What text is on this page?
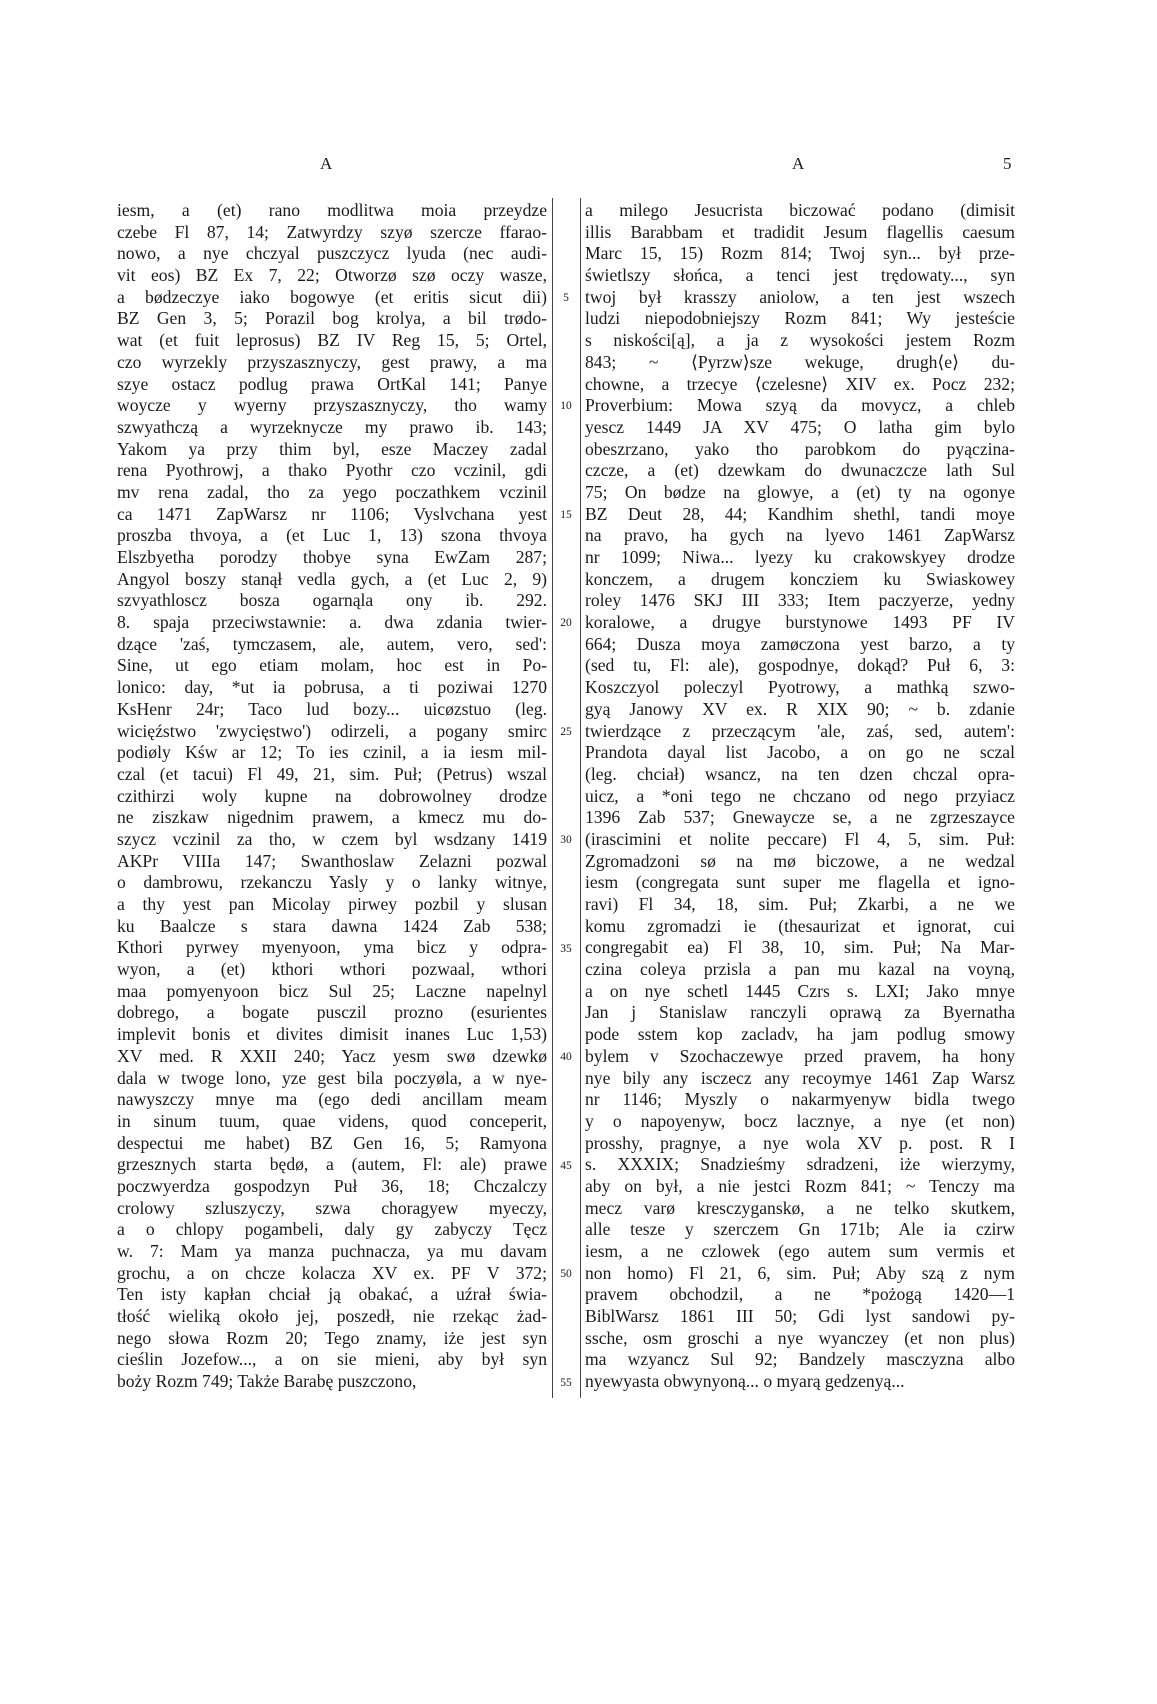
A	A	5
iesm, a (et) rano modlitwa moia przeydze
czebe Fl 87, 14; Zatwyrdzy szyø szercze ffarao-
nowo, a nye chczyal puszczycz lyuda (nec audi-
vit eos) BZ Ex 7, 22; Otworzø szø oczy wasze,
a bødzeczye iako bogowye (et eritis sicut dii)
BZ Gen 3, 5; Porazil bog krolya, a bil trødo-
wat (et fuit leprosus) BZ IV Reg 15, 5; Ortel,
czo wyrzekly przyszasznyczy, gest prawy, a ma
szye ostacz podlug prawa OrtKal 141; Panye
woycze y wyerny przyszasznyczy, tho wamy
szwyathczą a wyrzeknycze my prawo ib. 143;
Yakom ya przy thim byl, esze Maczey zadal
rena Pyothrowj, a thako Pyothr czo vczinil, gdi
mv rena zadal, tho za yego poczathkem vczinil
ca 1471 ZapWarsz nr 1106; Vyslvchana yest
proszba thvoya, a (et Luc 1, 13) szona thvoya
Elszbyetha porodzy thobye syna EwZam 287;
Angyol boszy stanął vedla gych, a (et Luc 2, 9)
szvyathloscz bosza ogarnąla ony ib. 292.
8. spaja przeciwstawnie: a. dwa zdania twier-
dzące 'zaś, tymczasem, ale, autem, vero, sed':
Sine, ut ego etiam molam, hoc est in Po-
lonico: day, *ut ia pobrusa, a ti poziwai 1270
KsHenr 24r; Taco lud bozy... uicøzstuo (leg.
wicięźstwo 'zwycięstwo') odirzeli, a pogany smirc
podiøly Kśw ar 12; To ies czinil, a ia iesm mil-
czal (et tacui) Fl 49, 21, sim. Puł; (Petrus) wszal
czithirzi woly kupne na dobrowolney drodze
ne ziszkaw nigednim prawem, a kmecz mu do-
szycz vczinil za tho, w czem byl wsdzany 1419
AKPr VIIIa 147; Swanthoslaw Zelazni pozwal
o dambrowu, rzekanczu Yasly y o lanky witnye,
a thy yest pan Micolay pirwey pozbil y slusan
ku Baalcze s stara dawna 1424 Zab 538;
Kthori pyrwey myenyoon, yma bicz y odpra-
wyon, a (et) kthori wthori pozwaal, wthori
maa pomyenyoon bicz Sul 25; Laczne napelnyl
dobrego, a bogate pusczil prozno (esurientes
implevit bonis et divites dimisit inanes Luc 1,53)
XV med. R XXII 240; Yacz yesm swø dzewkø
dala w twoge lono, yze gest bila poczyøla, a w nye-
nawyszczy mnye ma (ego dedi ancillam meam
in sinum tuum, quae videns, quod conceperit,
despectui me habet) BZ Gen 16, 5; Ramyona
grzesznych starta będø, a (autem, Fl: ale) prawe
poczwyerdza gospodzyn Puł 36, 18; Chczalczy
crolowy szluszyczy, szwa choragyew myeczy,
a o chlopy pogambeli, daly gy zabyczy Tęcz
w. 7: Mam ya manza puchnacza, ya mu davam
grochu, a on chcze kolacza XV ex. PF V 372;
Ten isty kapłan chciał ją obakać, a uźrał świa-
tłość wieliką około jej, poszedł, nie rzekąc żad-
nego słowa Rozm 20; Tego znamy, iże jest syn
cieślin Jozefow..., a on sie mieni, aby był syn
boży Rozm 749; Także Barabę puszczono,
5
10
15
20
25
30
35
40
45
50
55
a milego Jesucrista biczować podano (dimisit
illis Barabbam et tradidit Jesum flagellis caesum
Marc 15, 15) Rozm 814; Twoj syn... był prze-
świetlszy słońca, a tenci jest trędowaty..., syn
twoj był krasszy aniolow, a ten jest wszech
ludzi niepodobniejszy Rozm 841; Wy jesteście
s niskości[ą], a ja z wysokości jestem Rozm
843; ~ ⟨Pyrzw⟩sze wekuge, drugh⟨e⟩ du-
chowne, a trzecye ⟨czelesne⟩ XIV ex. Pocz 232;
Proverbium: Mowa szyą da movycz, a chleb
yescz 1449 JA XV 475; O latha gim bylo
obeszrzano, yako tho parobkom do pyączina-
czcze, a (et) dzewkam do dwunaczcze lath Sul
75; On bødze na glowye, a (et) ty na ogonye
BZ Deut 28, 44; Kandhim shethl, tandi moye
na pravo, ha gych na lyevo 1461 ZapWarsz
nr 1099; Niwa... lyezy ku crakowskyey drodze
konczem, a drugem koncziem ku Swiaskowey
roley 1476 SKJ III 333; Item paczyerze, yedny
koralowe, a drugye burstynowe 1493 PF IV
664; Dusza moya zamøczona yest barzo, a ty
(sed tu, Fl: ale), gospodnye, dokąd? Puł 6, 3:
Koszczyol poleczyl Pyotrowy, a mathką szwo-
gyą Janowy XV ex. R XIX 90; ~ b. zdanie
twierdzące z przeczącym 'ale, zaś, sed, autem':
Prandota dayal list Jacobo, a on go ne sczal
(leg. chciał) wsancz, na ten dzen chczal opra-
uicz, a *oni tego ne chczano od nego przyiacz
1396 Zab 537; Gnewaycze se, a ne zgrzeszayce
(irascimini et nolite peccare) Fl 4, 5, sim. Puł:
Zgromadzoni sø na mø biczowe, a ne wedzal
iesm (congregata sunt super me flagella et igno-
ravi) Fl 34, 18, sim. Puł; Zkarbi, a ne we
komu zgromadzi ie (thesaurizat et ignorat, cui
congregabit ea) Fl 38, 10, sim. Puł; Na Mar-
czina coleya przisla a pan mu kazal na voyną,
a on nye schetl 1445 Czrs s. LXI; Jako mnye
Jan j Stanislaw ranczyli oprawą za Byernatha
pode sstem kop zacladv, ha jam podlug smowy
bylem v Szochaczewye przed pravem, ha hony
nye bily any isczecz any recoymye 1461 Zap Warsz
nr 1146; Myszly o nakarmyenyw bidla twego
y o napoyenyw, bocz lacznye, a nye (et non)
prosshy, pragnye, a nye wola XV p. post. R I
s. XXXIX; Snadzieśmy sdradzeni, iże wierzymy,
aby on był, a nie jestci Rozm 841; ~ Tenczy ma
mecz varø kresczyganskø, a ne telko skutkem,
alle tesze y szerczem Gn 171b; Ale ia czirw
iesm, a ne czlowek (ego autem sum vermis et
non homo) Fl 21, 6, sim. Puł; Aby szą z nym
pravem obchodzil, a ne *pożogą 1420—1
BiblWarsz 1861 III 50; Gdi lyst sandowi py-
ssche, osm groschi a nye wyanczey (et non plus)
ma wzyancz Sul 92; Bandzely masczyzna albo
nyewyasta obwynyoną... o myarą gedzenyą...
